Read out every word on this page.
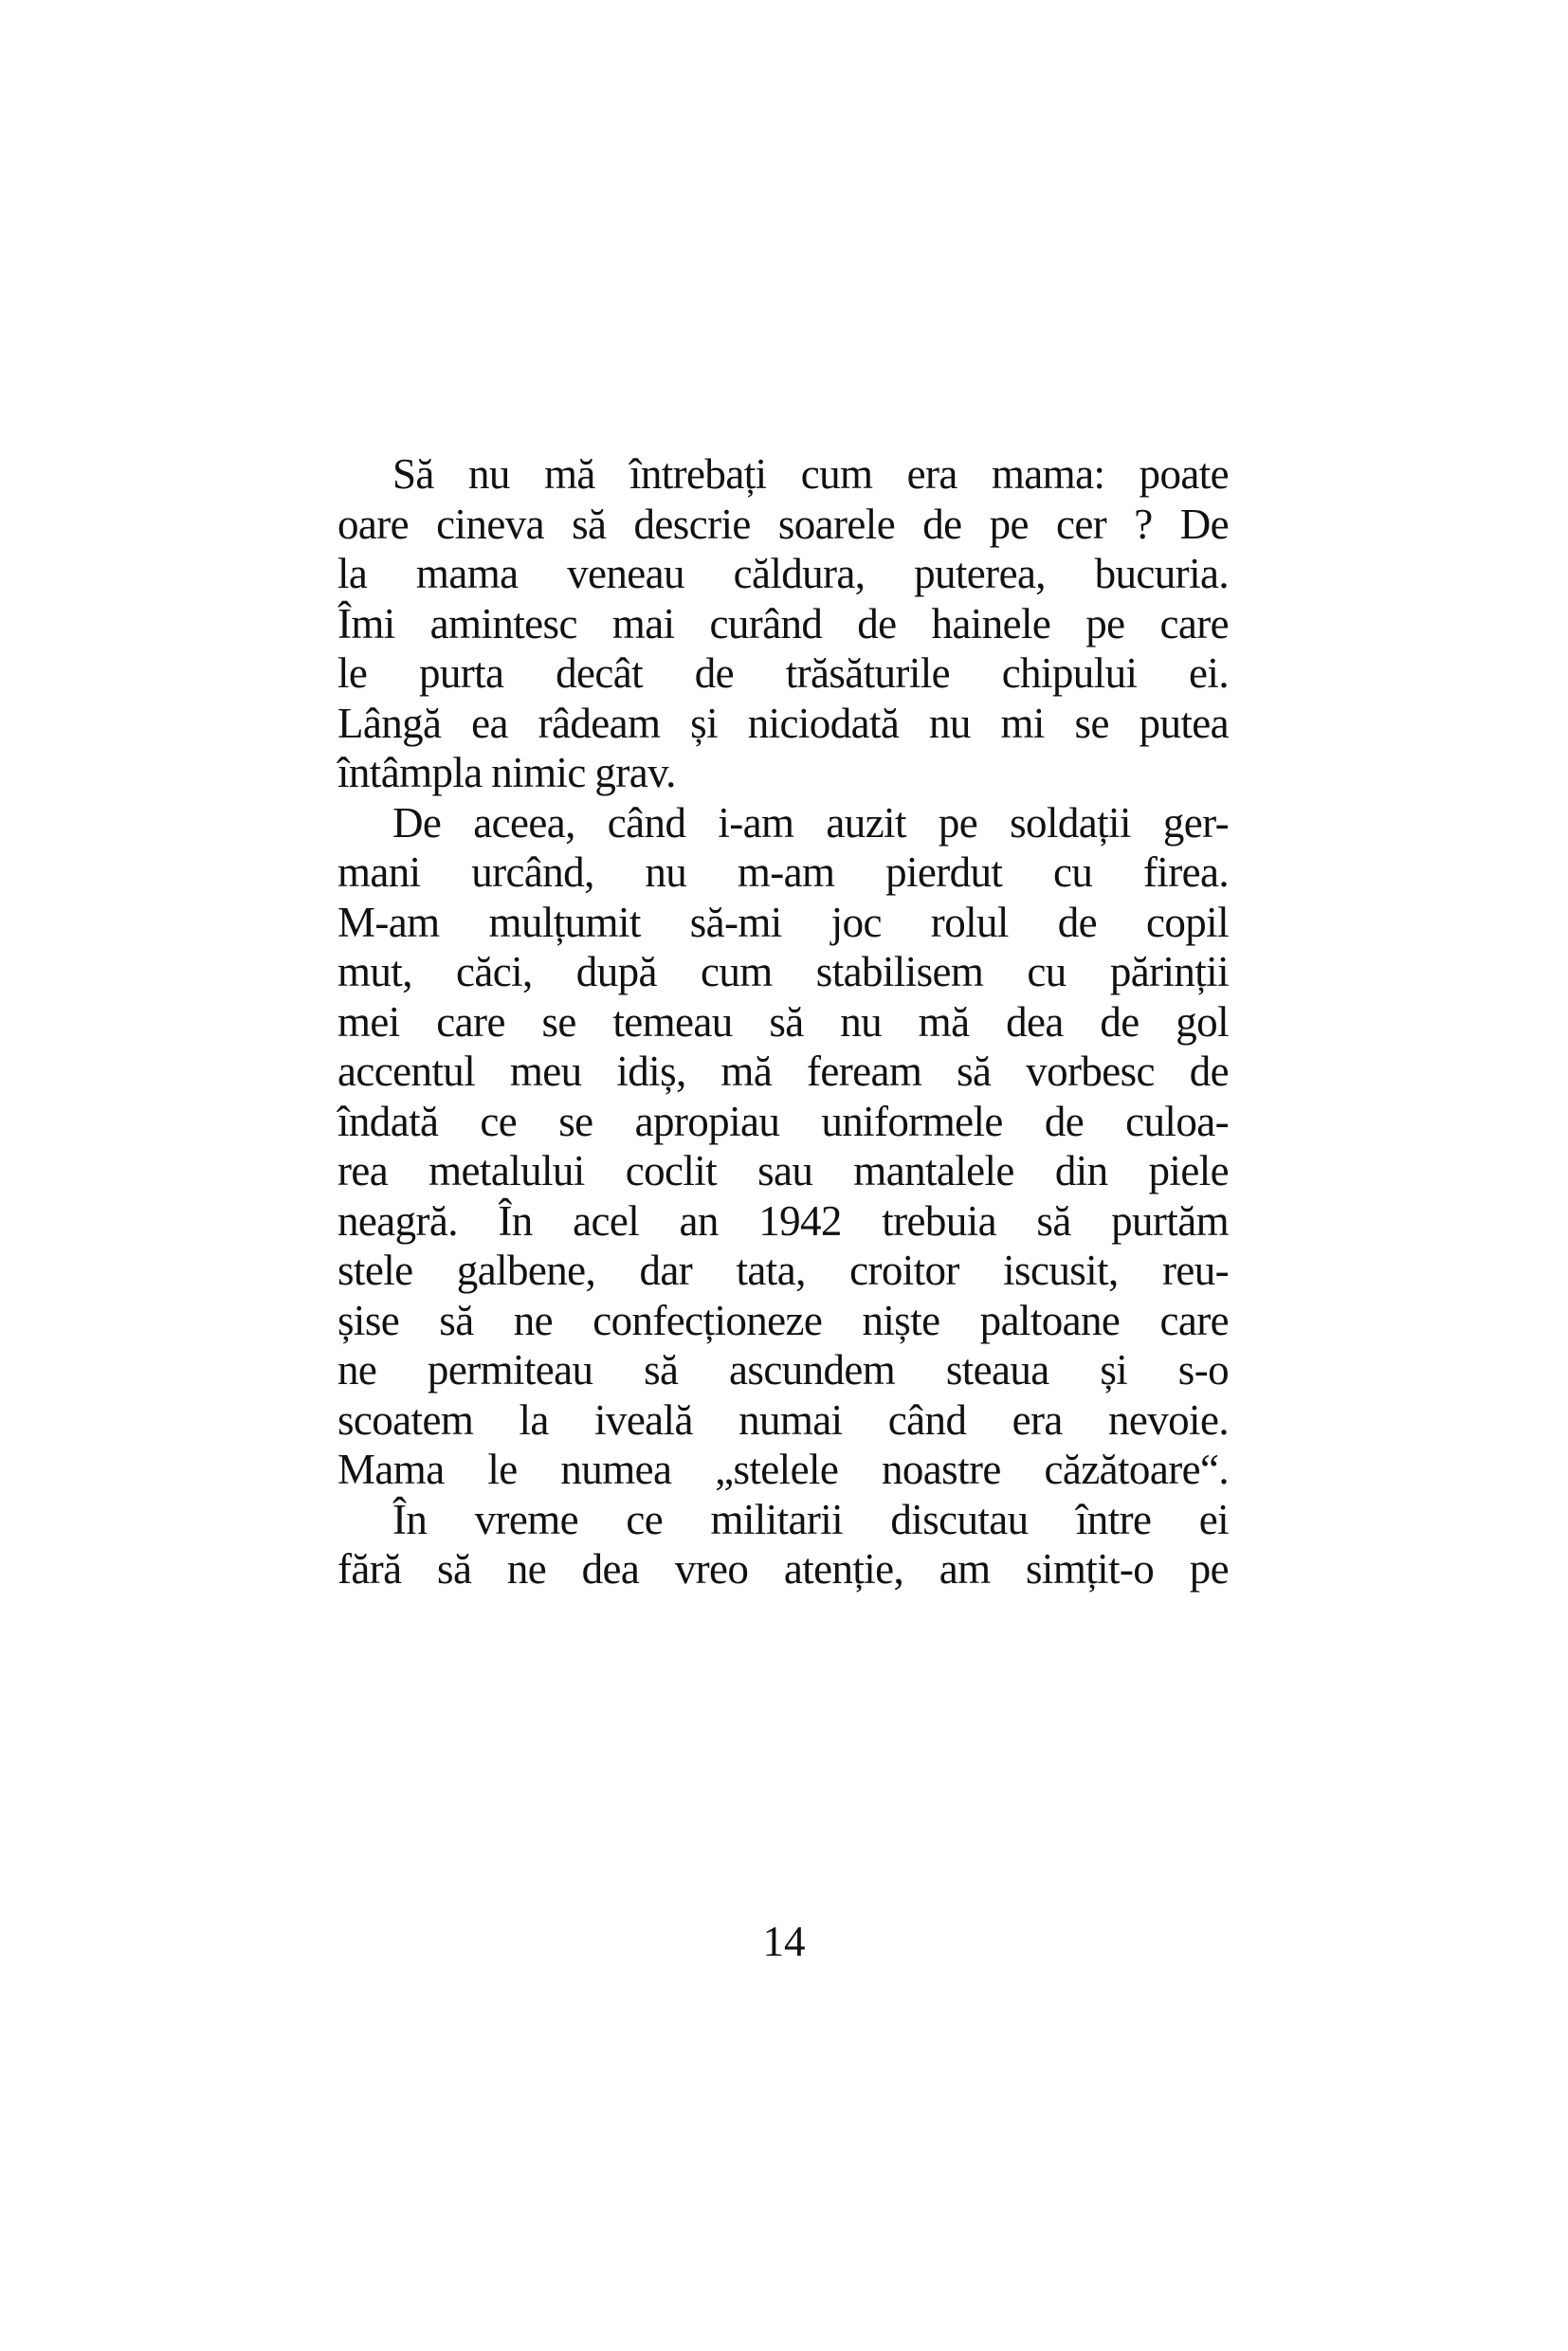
Să nu mă întrebați cum era mama: poate
oare cineva să descrie soarele de pe cer ? De
la mama veneau căldura, puterea, bucuria.
Îmi amintesc mai curând de hainele pe care
le purta decât de trăsăturile chipului ei.
Lângă ea râdeam și niciodată nu mi se putea
întâmpla nimic grav.
De aceea, când i-am auzit pe soldații ger-
mani urcând, nu m-am pierdut cu firea.
M-am mulțumit să-mi joc rolul de copil
mut, căci, după cum stabilisem cu părinții
mei care se temeau să nu mă dea de gol
accentul meu idiș, mă feream să vorbesc de
îndată ce se apropiau uniformele de culoa-
rea metalului coclit sau mantalele din piele
neagră. În acel an 1942 trebuia să purtăm
stele galbene, dar tata, croitor iscusit, reu-
șise să ne confecționeze niște paltoane care
ne permiteau să ascundem steaua și s-o
scoatem la iveală numai când era nevoie.
Mama le numea „stelele noastre căzătoare“.
În vreme ce militarii discutau între ei
fără să ne dea vreo atenție, am simțit-o pe
14
